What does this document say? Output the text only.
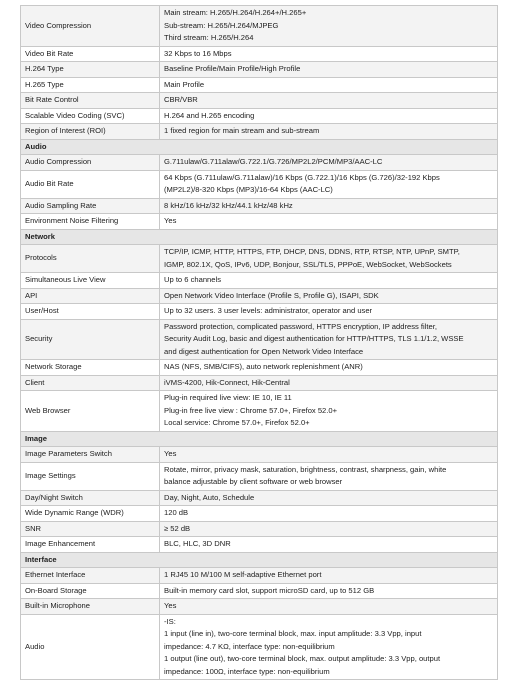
Video Compression	Main stream: H.265/H.264/H.264+/H.265+
Sub-stream: H.265/H.264/MJPEG
Third stream: H.265/H.264
Video Bit Rate	32 Kbps to 16 Mbps
H.264 Type	Baseline Profile/Main Profile/High Profile
H.265 Type	Main Profile
Bit Rate Control	CBR/VBR
Scalable Video Coding (SVC)	H.264 and H.265 encoding
Region of Interest (ROI)	1 fixed region for main stream and sub-stream
Audio	
Audio Compression	G.711ulaw/G.711alaw/G.722.1/G.726/MP2L2/PCM/MP3/AAC-LC
Audio Bit Rate	64 Kbps (G.711ulaw/G.711alaw)/16 Kbps (G.722.1)/16 Kbps (G.726)/32-192 Kbps
(MP2L2)/8-320 Kbps (MP3)/16-64 Kbps (AAC-LC)
Audio Sampling Rate	8 kHz/16 kHz/32 kHz/44.1 kHz/48 kHz
Environment Noise Filtering	Yes
Network	
Protocols	TCP/IP, ICMP, HTTP, HTTPS, FTP, DHCP, DNS, DDNS, RTP, RTSP, NTP, UPnP, SMTP,
IGMP, 802.1X, QoS, IPv6, UDP, Bonjour, SSL/TLS, PPPoE, WebSocket, WebSockets
Simultaneous Live View	Up to 6 channels
API	Open Network Video Interface (Profile S, Profile G), ISAPI, SDK
User/Host	Up to 32 users. 3 user levels: administrator, operator and user
Security	Password protection, complicated password, HTTPS encryption, IP address filter,
Security Audit Log, basic and digest authentication for HTTP/HTTPS, TLS 1.1/1.2, WSSE
and digest authentication for Open Network Video Interface
Network Storage	NAS (NFS, SMB/CIFS), auto network replenishment (ANR)
Client	iVMS-4200, Hik-Connect, Hik-Central
Web Browser	Plug-in required live view: IE 10, IE 11
Plug-in free live view : Chrome 57.0+, Firefox 52.0+
Local service: Chrome 57.0+, Firefox 52.0+
Image	
Image Parameters Switch	Yes
Image Settings	Rotate, mirror, privacy mask, saturation, brightness, contrast, sharpness, gain, white
balance adjustable by client software or web browser
Day/Night Switch	Day, Night, Auto, Schedule
Wide Dynamic Range (WDR)	120 dB
SNR	≥ 52 dB
Image Enhancement	BLC, HLC, 3D DNR
Interface	
Ethernet Interface	1 RJ45 10 M/100 M self-adaptive Ethernet port
On-Board Storage	Built-in memory card slot, support microSD card, up to 512 GB
Built-in Microphone	Yes
Audio	-IS:
1 input (line in), two-core terminal block, max. input amplitude: 3.3 Vpp, input
impedance: 4.7 KΩ, interface type: non-equilibrium
1 output (line out), two-core terminal block, max. output amplitude: 3.3 Vpp, output
impedance: 100Ω, interface type: non-equilibrium
